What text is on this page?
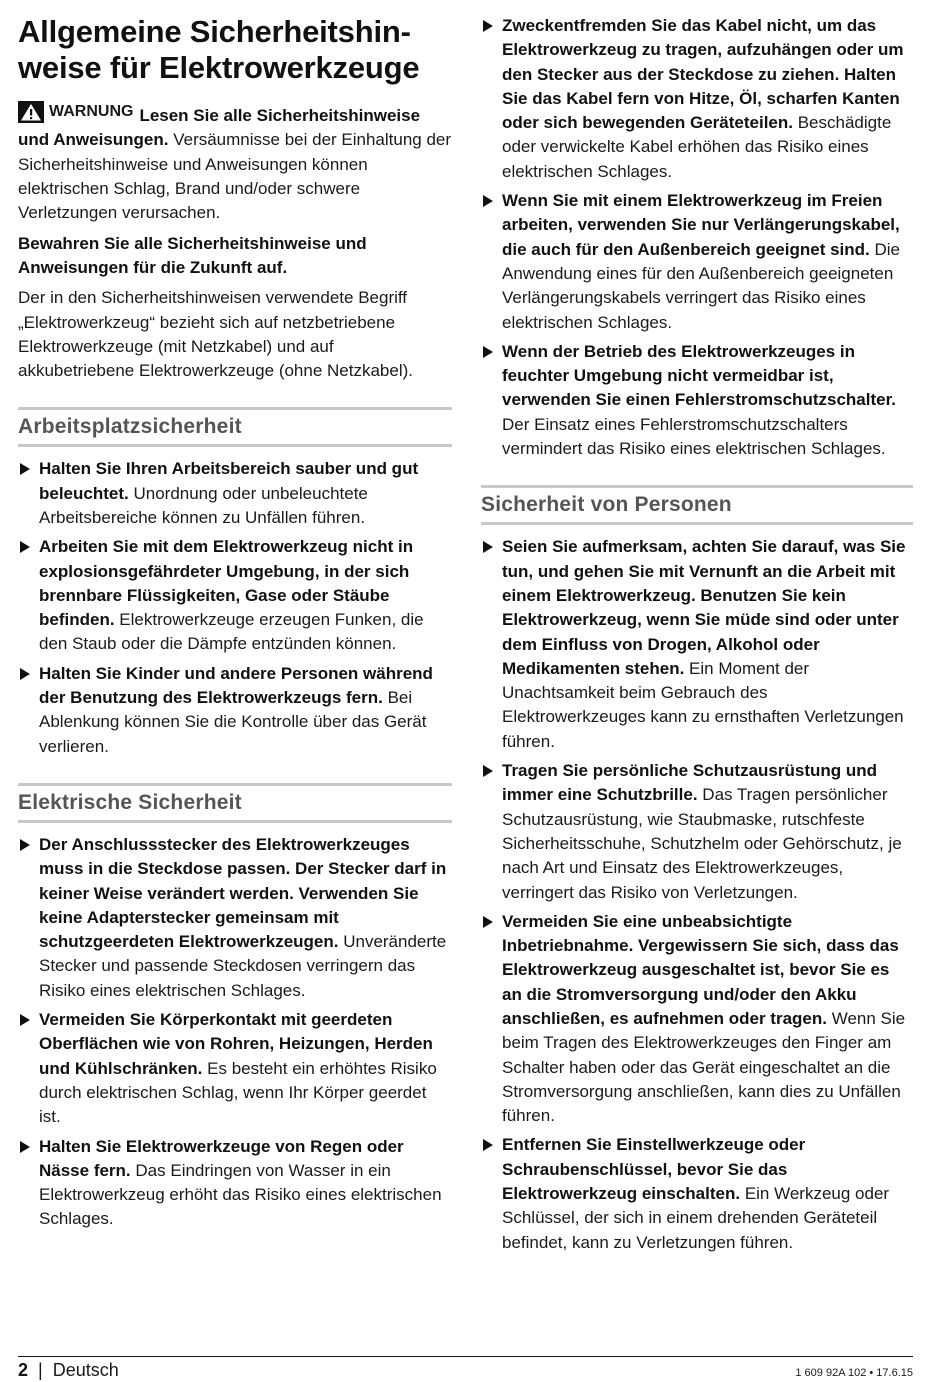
Allgemeine Sicherheitshin-weise für Elektrowerkzeuge

WARNUNG Lesen Sie alle Sicherheitshinweise und Anweisungen. Versäumnisse bei der Einhaltung der Sicherheitshinweise und Anweisungen können elektrischen Schlag, Brand und/oder schwere Verletzungen verursachen.

Bewahren Sie alle Sicherheitshinweise und Anweisungen für die Zukunft auf.

Der in den Sicherheitshinweisen verwendete Begriff „Elektrowerkzeug“ bezieht sich auf netzbetriebene Elektrowerkzeuge (mit Netzkabel) und auf akkubetriebene Elektrowerkzeuge (ohne Netzkabel).

Arbeitsplatzsicherheit
Halten Sie Ihren Arbeitsbereich sauber und gut beleuchtet. Unordnung oder unbeleuchtete Arbeitsbereiche können zu Unfällen führen.
Arbeiten Sie mit dem Elektrowerkzeug nicht in explosionsgefährdeter Umgebung, in der sich brennbare Flüssigkeiten, Gase oder Stäube befinden. Elektrowerkzeuge erzeugen Funken, die den Staub oder die Dämpfe entzünden können.
Halten Sie Kinder und andere Personen während der Benutzung des Elektrowerkzeugs fern. Bei Ablenkung können Sie die Kontrolle über das Gerät verlieren.
Elektrische Sicherheit
Der Anschlussstecker des Elektrowerkzeuges muss in die Steckdose passen. Der Stecker darf in keiner Weise verändert werden. Verwenden Sie keine Adapterstecker gemeinsam mit schutzgeerdeten Elektrowerkzeugen. Unveränderte Stecker und passende Steckdosen verringern das Risiko eines elektrischen Schlages.
Vermeiden Sie Körperkontakt mit geerdeten Oberflächen wie von Rohren, Heizungen, Herden und Kühlschränken. Es besteht ein erhöhtes Risiko durch elektrischen Schlag, wenn Ihr Körper geerdet ist.
Halten Sie Elektrowerkzeuge von Regen oder Nässe fern. Das Eindringen von Wasser in ein Elektrowerkzeug erhöht das Risiko eines elektrischen Schlages.
Zweckentfremden Sie das Kabel nicht, um das Elektrowerkzeug zu tragen, aufzuhängen oder um den Stecker aus der Steckdose zu ziehen. Halten Sie das Kabel fern von Hitze, Öl, scharfen Kanten oder sich bewegenden Geräteteilen. Beschädigte oder verwickelte Kabel erhöhen das Risiko eines elektrischen Schlages.
Wenn Sie mit einem Elektrowerkzeug im Freien arbeiten, verwenden Sie nur Verlängerungskabel, die auch für den Außenbereich geeignet sind. Die Anwendung eines für den Außenbereich geeigneten Verlängerungskabels verringert das Risiko eines elektrischen Schlages.
Wenn der Betrieb des Elektrowerkzeuges in feuchter Umgebung nicht vermeidbar ist, verwenden Sie einen Fehlerstromschutzschalter. Der Einsatz eines Fehlerstromschutzschalters vermindert das Risiko eines elektrischen Schlages.
Sicherheit von Personen
Seien Sie aufmerksam, achten Sie darauf, was Sie tun, und gehen Sie mit Vernunft an die Arbeit mit einem Elektrowerkzeug. Benutzen Sie kein Elektrowerkzeug, wenn Sie müde sind oder unter dem Einfluss von Drogen, Alkohol oder Medikamenten stehen. Ein Moment der Unachtsamkeit beim Gebrauch des Elektrowerkzeuges kann zu ernsthaften Verletzungen führen.
Tragen Sie persönliche Schutzausrüstung und immer eine Schutzbrille. Das Tragen persönlicher Schutzausrüstung, wie Staubmaske, rutschfeste Sicherheitsschuhe, Schutzhelm oder Gehörschutz, je nach Art und Einsatz des Elektrowerkzeuges, verringert das Risiko von Verletzungen.
Vermeiden Sie eine unbeabsichtigte Inbetriebnahme. Vergewissern Sie sich, dass das Elektrowerkzeug ausgeschaltet ist, bevor Sie es an die Stromversorgung und/oder den Akku anschließen, es aufnehmen oder tragen. Wenn Sie beim Tragen des Elektrowerkzeuges den Finger am Schalter haben oder das Gerät eingeschaltet an die Stromversorgung anschließen, kann dies zu Unfällen führen.
Entfernen Sie Einstellwerkzeuge oder Schraubenschlüssel, bevor Sie das Elektrowerkzeug einschalten. Ein Werkzeug oder Schlüssel, der sich in einem drehenden Geräteteil befindet, kann zu Verletzungen führen.
2 | Deutsch	1 609 92A 102 • 17.6.15
